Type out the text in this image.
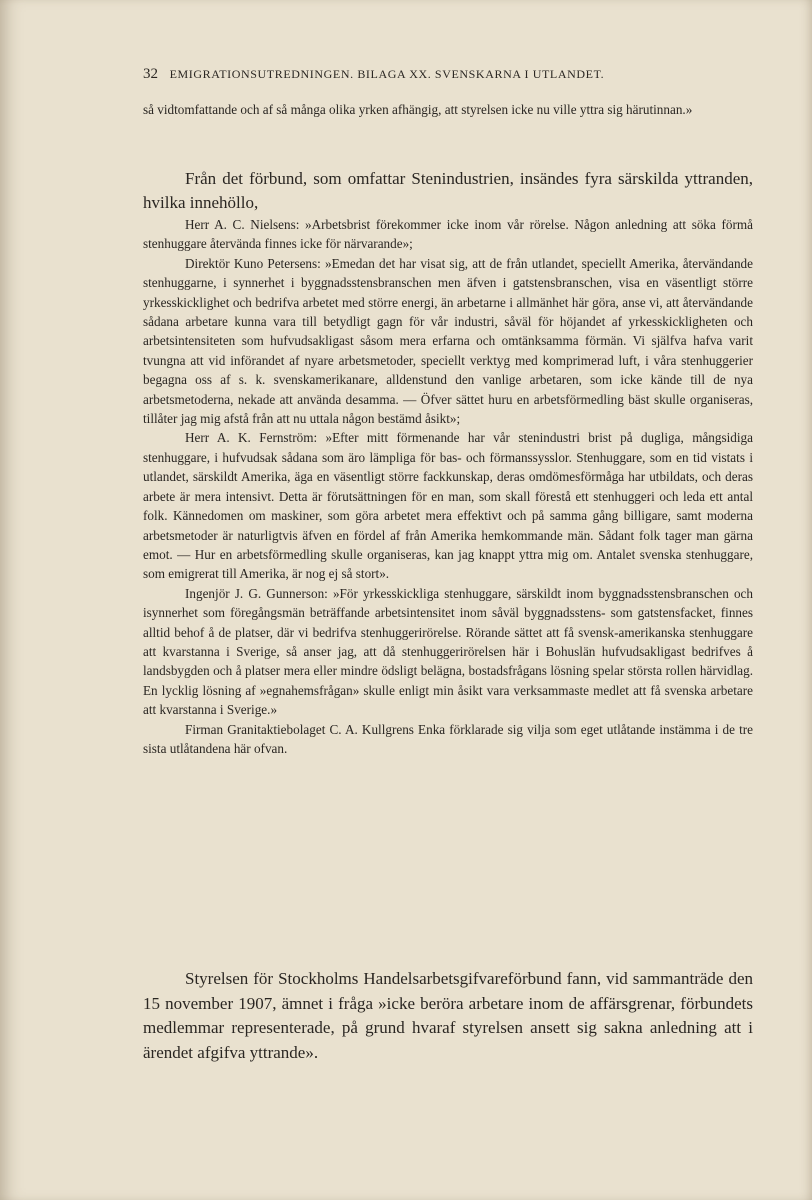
32 EMIGRATIONSUTREDNINGEN. BILAGA XX. SVENSKARNA I UTLANDET.

så vidtomfattande och af så många olika yrken afhängig, att styrelsen icke nu ville yttra sig härutinnan.»

Från det förbund, som omfattar Stenindustrien, insändes fyra särskilda yttranden, hvilka innehöllo,

Herr A. C. Nielsens: »Arbetsbrist förekommer icke inom vår rörelse. Någon anledning att söka förmå stenhuggare återvända finnes icke för närvarande»;

Direktör Kuno Petersens: »Emedan det har visat sig, att de från utlandet, speciellt Amerika, återvändande stenhuggarne, i synnerhet i byggnadsstensbranschen men äfven i gatstensbranschen, visa en väsentligt större yrkesskicklighet och bedrifva arbetet med större energi, än arbetarne i allmänhet här göra, anse vi, att återvändande sådana arbetare kunna vara till betydligt gagn för vår industri, såväl för höjandet af yrkesskickligheten och arbetsintensiteten som hufvudsakligast såsom mera erfarna och omtänksamma förmän. Vi själfva hafva varit tvungna att vid införandet af nyare arbetsmetoder, speciellt verktyg med komprimerad luft, i våra stenhuggerier begagna oss af s. k. svenskamerikanare, alldenstund den vanlige arbetaren, som icke kände till de nya arbetsmetoderna, nekade att använda desamma. — Öfver sättet huru en arbetsförmedling bäst skulle organiseras, tillåter jag mig afstå från att nu uttala någon bestämd åsikt»;

Herr A. K. Fernström: »Efter mitt förmenande har vår stenindustri brist på dugliga, mångsidiga stenhuggare, i hufvudsak sådana som äro lämpliga för bas- och förmanssysslor. Stenhuggare, som en tid vistats i utlandet, särskildt Amerika, äga en väsentligt större fackkunskap, deras omdömesförmåga har utbildats, och deras arbete är mera intensivt. Detta är förutsättningen för en man, som skall förestå ett stenhuggeri och leda ett antal folk. Kännedomen om maskiner, som göra arbetet mera effektivt och på samma gång billigare, samt moderna arbetsmetoder är naturligtvis äfven en fördel af från Amerika hemkommande män. Sådant folk tager man gärna emot. — Hur en arbetsförmedling skulle organiseras, kan jag knappt yttra mig om. Antalet svenska stenhuggare, som emigrerat till Amerika, är nog ej så stort».

Ingenjör J. G. Gunnerson: »För yrkesskickliga stenhuggare, särskildt inom byggnadsstensbranschen och isynnerhet som föregångsmän beträffande arbetsintensitet inom såväl byggnadsstens- som gatstensfacket, finnes alltid behof å de platser, där vi bedrifva stenhuggerirörelse. Rörande sättet att få svensk-amerikanska stenhuggare att kvarstanna i Sverige, så anser jag, att då stenhuggerirörelsen här i Bohuslän hufvudsakligast bedrifves å landsbygden och å platser mera eller mindre ödsligt belägna, bostadsfrågans lösning spelar största rollen härvidlag. En lycklig lösning af »egnahemsfrågan» skulle enligt min åsikt vara verksammaste medlet att få svenska arbetare att kvarstanna i Sverige.»

Firman Granitaktiebolaget C. A. Kullgrens Enka förklarade sig vilja som eget utlåtande instämma i de tre sista utlåtandena här ofvan.

Styrelsen för Stockholms Handelsarbetsgifvareförbund fann, vid sammanträde den 15 november 1907, ämnet i fråga »icke beröra arbetare inom de affärsgrenar, förbundets medlemmar representerade, på grund hvaraf styrelsen ansett sig sakna anledning att i ärendet afgifva yttrande».
